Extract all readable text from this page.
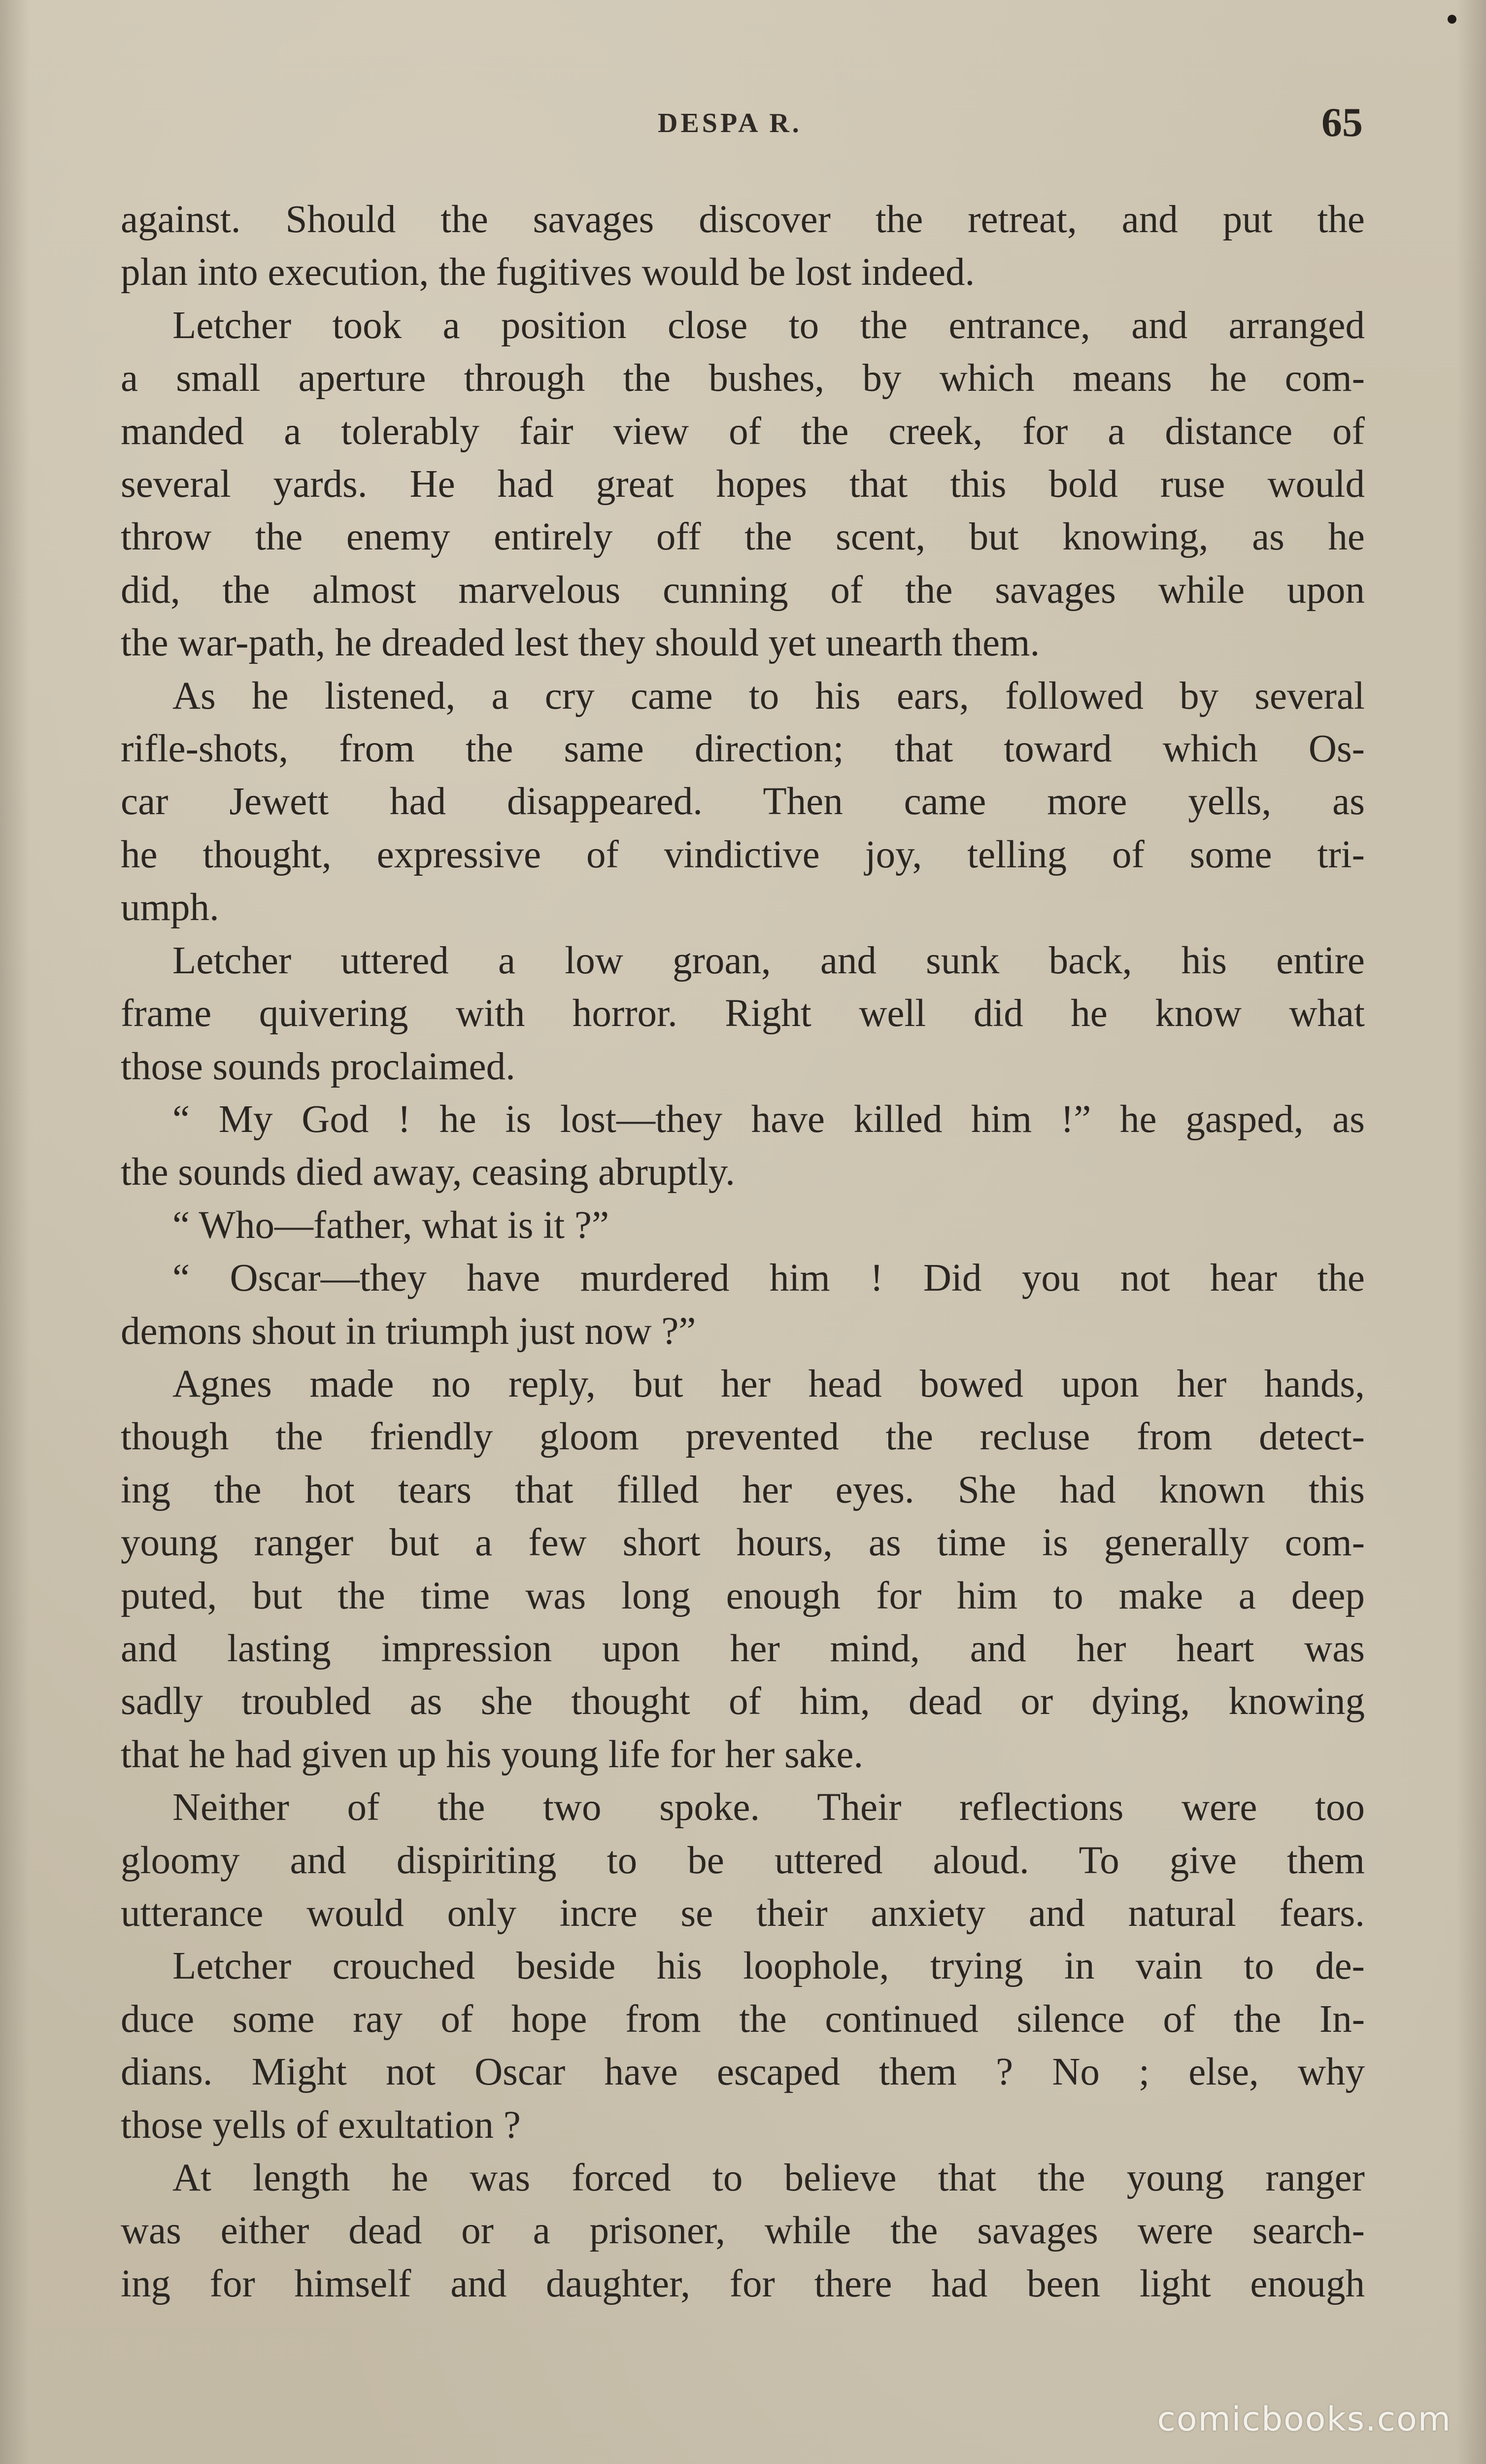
DESPA R.	65

against. Should the savages discover the retreat, and put the

plan into execution, the fugitives would be lost indeed.

Letcher took a position close to the entrance, and arranged

a small aperture through the bushes, by which means he com-

manded a tolerably fair view of the creek, for a distance of

several yards. He had great hopes that this bold ruse would

throw the enemy entirely off the scent, but knowing, as he

did, the almost marvelous cunning of the savages while upon

the war-path, he dreaded lest they should yet unearth them.

As he listened, a cry came to his ears, followed by several

rifle-shots, from the same direction; that toward which Os-

car Jewett had disappeared. Then came more yells, as

he thought, expressive of vindictive joy, telling of some tri-

umph.

Letcher uttered a low groan, and sunk back, his entire

frame quivering with horror. Right well did he know what

those sounds proclaimed.

“ My God ! he is lost—they have killed him !” he gasped, as

the sounds died away, ceasing abruptly.

“ Who—father, what is it ?”

“ Oscar—they have murdered him ! Did you not hear the

demons shout in triumph just now ?”

Agnes made no reply, but her head bowed upon her hands,

though the friendly gloom prevented the recluse from detect-

ing the hot tears that filled her eyes. She had known this

young ranger but a few short hours, as time is generally com-

puted, but the time was long enough for him to make a deep

and lasting impression upon her mind, and her heart was

sadly troubled as she thought of him, dead or dying, knowing

that he had given up his young life for her sake.

Neither of the two spoke. Their reflections were too

gloomy and dispiriting to be uttered aloud. To give them

utterance would only incre se their anxiety and natural fears.

Letcher crouched beside his loophole, trying in vain to de-

duce some ray of hope from the continued silence of the In-

dians. Might not Oscar have escaped them ? No ; else, why

those yells of exultation ?

At length he was forced to believe that the young ranger

was either dead or a prisoner, while the savages were search-

ing for himself and daughter, for there had been light enough

comicbooks.com
